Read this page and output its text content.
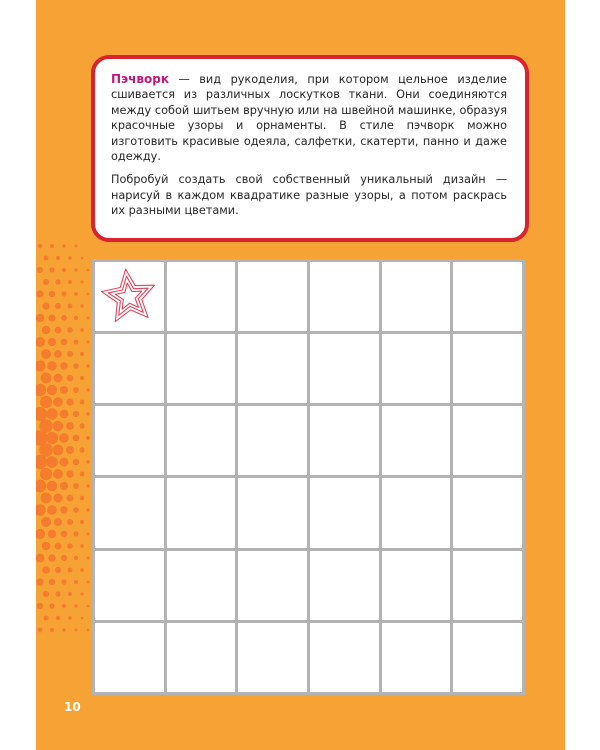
Пэчворк — вид рукоделия, при котором цельное изделие сшивается из различных лоскутков ткани. Они соединяются между собой шитьем вручную или на швейной машинке, образуя красочные узоры и орнаменты. В стиле пэчворк можно изготовить красивые одеяла, салфетки, скатерти, панно и даже одежду.

Побробуй создать свой собственный уникальный дизайн — нарисуй в каждом квадратике разные узоры, а потом раскрась их разными цветами.

10
